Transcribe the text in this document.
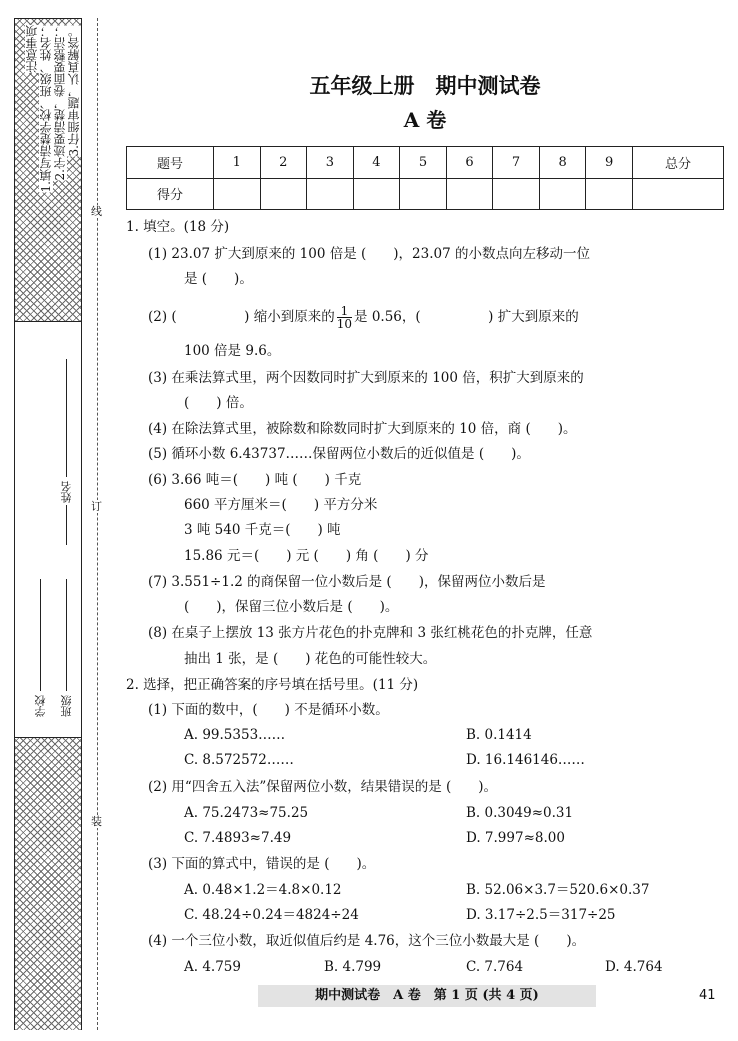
注意事项 1.填写清楚学校、班级、姓名； 2.字迹要清楚，卷面要整洁； 3.仔细审题，认真解答。
姓名
学校 班级
线
订
装
五年级上册　期中测试卷
A 卷
题号	1	2	3	4	5	6	7	8	9	总分
得分										
1. 填空。(18 分)
(1) 23.07 扩大到原来的 100 倍是 (　　)，23.07 的小数点向左移动一位
是 (　　)。
(2) (　　　　　) 缩小到原来的 $\frac{1}{10}$ 是 0.56，(　　　　　) 扩大到原来的
100 倍是 9.6。
(3) 在乘法算式里，两个因数同时扩大到原来的 100 倍，积扩大到原来的
(　　) 倍。
(4) 在除法算式里，被除数和除数同时扩大到原来的 10 倍，商 (　　)。
(5) 循环小数 6.43737……保留两位小数后的近似值是 (　　)。
(6) 3.66 吨＝(　　) 吨 (　　) 千克
660 平方厘米＝(　　) 平方分米
3 吨 540 千克＝(　　) 吨
15.86 元＝(　　) 元 (　　) 角 (　　) 分
(7) 3.551÷1.2 的商保留一位小数后是 (　　)，保留两位小数后是
(　　)，保留三位小数后是 (　　)。
(8) 在桌子上摆放 13 张方片花色的扑克牌和 3 张红桃花色的扑克牌，任意
抽出 1 张，是 (　　) 花色的可能性较大。
2. 选择，把正确答案的序号填在括号里。(11 分)
(1) 下面的数中，(　　) 不是循环小数。
A. 99.5353……	B. 0.1414
C. 8.572572……	D. 16.146146……
(2) 用“四舍五入法”保留两位小数，结果错误的是 (　　)。
A. 75.2473≈75.25	B. 0.3049≈0.31
C. 7.4893≈7.49	D. 7.997≈8.00
(3) 下面的算式中，错误的是 (　　)。
A. 0.48×1.2＝4.8×0.12	B. 52.06×3.7＝520.6×0.37
C. 48.24÷0.24＝4824÷24	D. 3.17÷2.5＝317÷25
(4) 一个三位小数，取近似值后约是 4.76，这个三位小数最大是 (　　)。
A. 4.759	B. 4.799	C. 7.764	D. 4.764
期中测试卷　A 卷　第 1 页 (共 4 页)	41
